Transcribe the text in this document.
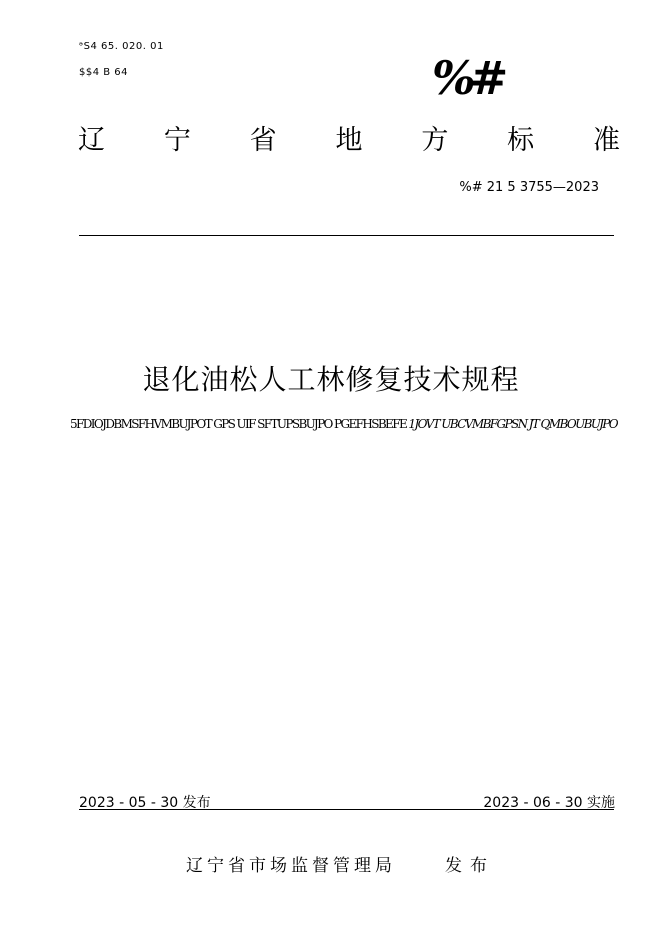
ᵊS4 65. 020. 01
$$4 B 64	%#
辽 宁 省 地 方 标 准
%# 21 5 3755—2023
退化油松人工林修复技术规程
5FDIOJDBMSFHVMBUJPOT GPS UIF SFTUPSBUJPO PGEFHSBEFE 1JOVT UBCVMBFGPSN JT QMBOUBUJPO
2023 - 05 - 30 发布	2023 - 06 - 30 实施
辽宁省市场监督管理局	发布
